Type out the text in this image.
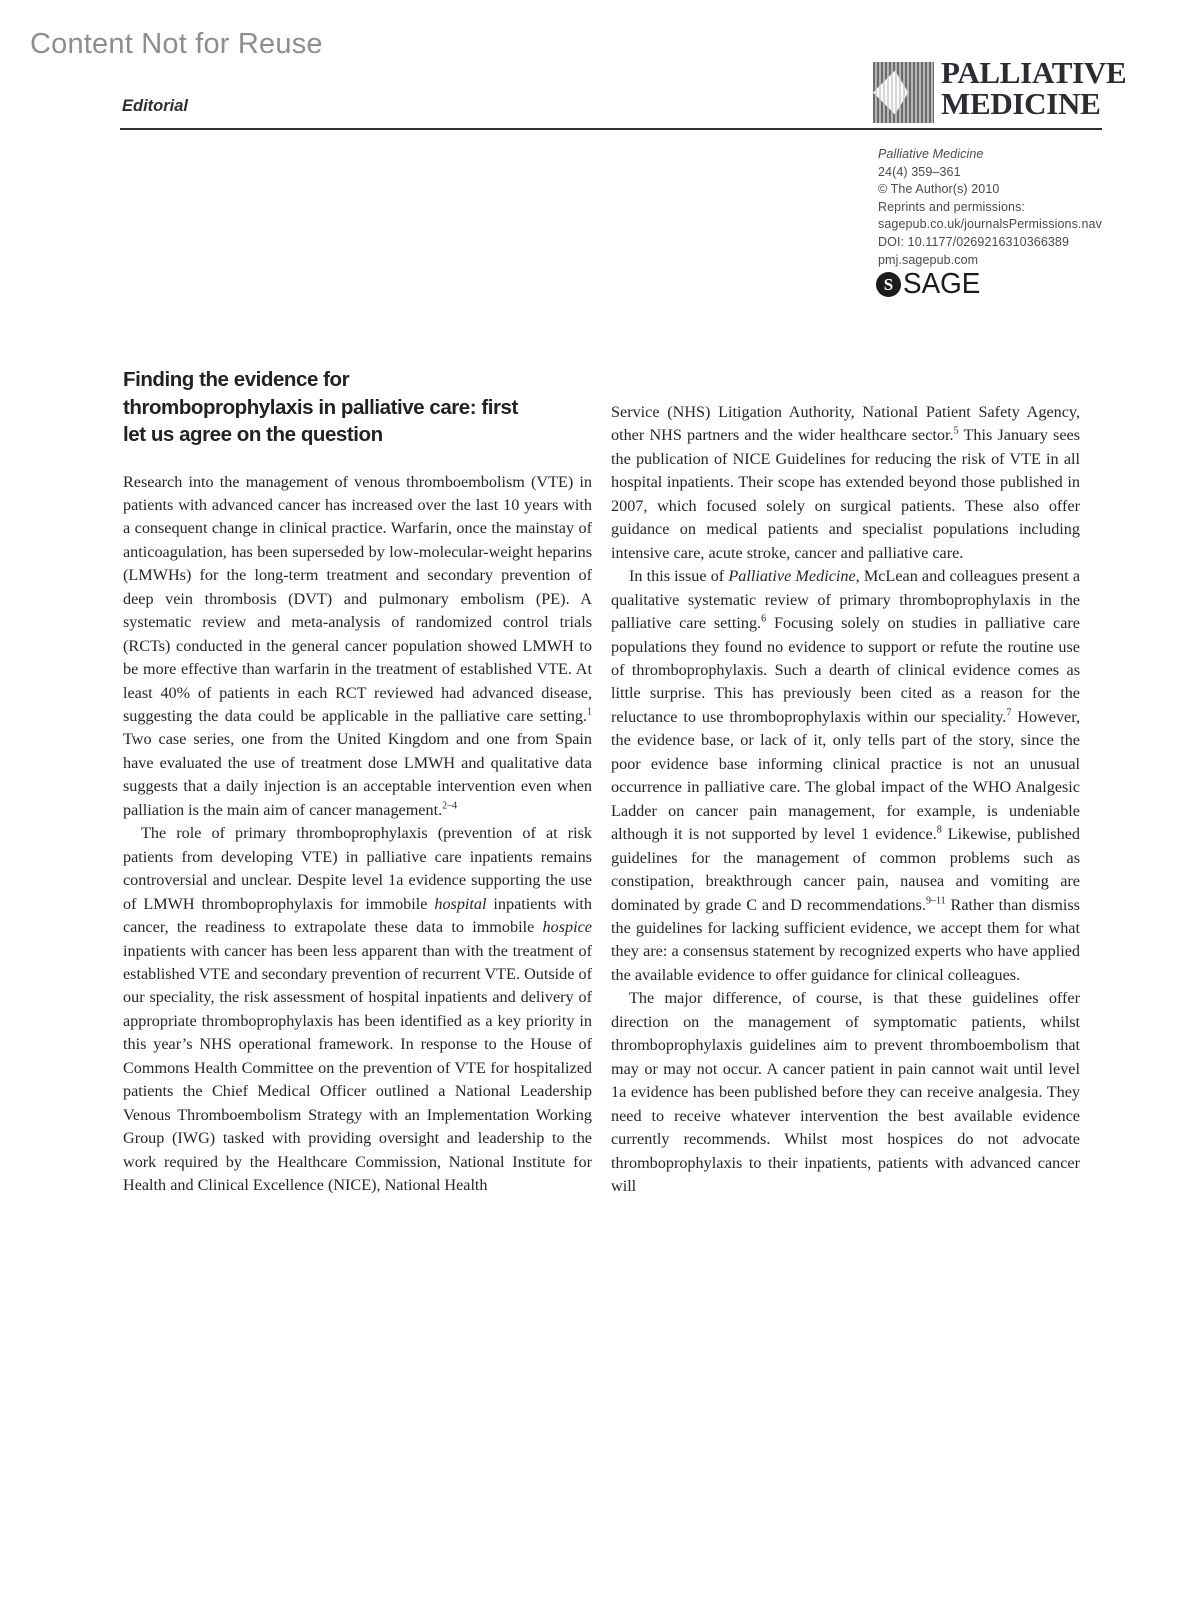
Content Not for Reuse
Editorial
PALLIATIVE
MEDICINE
Palliative Medicine
24(4) 359–361
© The Author(s) 2010
Reprints and permissions:
sagepub.co.uk/journalsPermissions.nav
DOI: 10.1177/0269216310366389
pmj.sagepub.com
S SAGE
Finding the evidence for
thromboprophylaxis in palliative care: first
let us agree on the question

Research into the management of venous thromboembolism (VTE) in patients with advanced cancer has increased over the last 10 years with a consequent change in clinical practice. Warfarin, once the mainstay of anticoagulation, has been superseded by low-molecular-weight heparins (LMWHs) for the long-term treatment and secondary prevention of deep vein thrombosis (DVT) and pulmonary embolism (PE). A systematic review and meta-analysis of randomized control trials (RCTs) conducted in the general cancer population showed LMWH to be more effective than warfarin in the treatment of established VTE. At least 40% of patients in each RCT reviewed had advanced disease, suggesting the data could be applicable in the palliative care setting.$^1$ Two case series, one from the United Kingdom and one from Spain have evaluated the use of treatment dose LMWH and qualitative data suggests that a daily injection is an acceptable intervention even when palliation is the main aim of cancer management.$^{2-4}$

The role of primary thromboprophylaxis (prevention of at risk patients from developing VTE) in palliative care inpatients remains controversial and unclear. Despite level 1a evidence supporting the use of LMWH thromboprophylaxis for immobile hospital inpatients with cancer, the readiness to extrapolate these data to immobile hospice inpatients with cancer has been less apparent than with the treatment of established VTE and secondary prevention of recurrent VTE. Outside of our speciality, the risk assessment of hospital inpatients and delivery of appropriate thromboprophylaxis has been identified as a key priority in this year’s NHS operational framework. In response to the House of Commons Health Committee on the prevention of VTE for hospitalized patients the Chief Medical Officer outlined a National Leadership Venous Thromboembolism Strategy with an Implementation Working Group (IWG) tasked with providing oversight and leadership to the work required by the Healthcare Commission, National Institute for Health and Clinical Excellence (NICE), National Health

Service (NHS) Litigation Authority, National Patient Safety Agency, other NHS partners and the wider healthcare sector.$^5$ This January sees the publication of NICE Guidelines for reducing the risk of VTE in all hospital inpatients. Their scope has extended beyond those published in 2007, which focused solely on surgical patients. These also offer guidance on medical patients and specialist populations including intensive care, acute stroke, cancer and palliative care.

In this issue of Palliative Medicine, McLean and colleagues present a qualitative systematic review of primary thromboprophylaxis in the palliative care setting.$^6$ Focusing solely on studies in palliative care populations they found no evidence to support or refute the routine use of thromboprophylaxis. Such a dearth of clinical evidence comes as little surprise. This has previously been cited as a reason for the reluctance to use thromboprophylaxis within our speciality.$^7$ However, the evidence base, or lack of it, only tells part of the story, since the poor evidence base informing clinical practice is not an unusual occurrence in palliative care. The global impact of the WHO Analgesic Ladder on cancer pain management, for example, is undeniable although it is not supported by level 1 evidence.$^8$ Likewise, published guidelines for the management of common problems such as constipation, breakthrough cancer pain, nausea and vomiting are dominated by grade C and D recommendations.$^{9-11}$ Rather than dismiss the guidelines for lacking sufficient evidence, we accept them for what they are: a consensus statement by recognized experts who have applied the available evidence to offer guidance for clinical colleagues.

The major difference, of course, is that these guidelines offer direction on the management of symptomatic patients, whilst thromboprophylaxis guidelines aim to prevent thromboembolism that may or may not occur. A cancer patient in pain cannot wait until level 1a evidence has been published before they can receive analgesia. They need to receive whatever intervention the best available evidence currently recommends. Whilst most hospices do not advocate thromboprophylaxis to their inpatients, patients with advanced cancer will
